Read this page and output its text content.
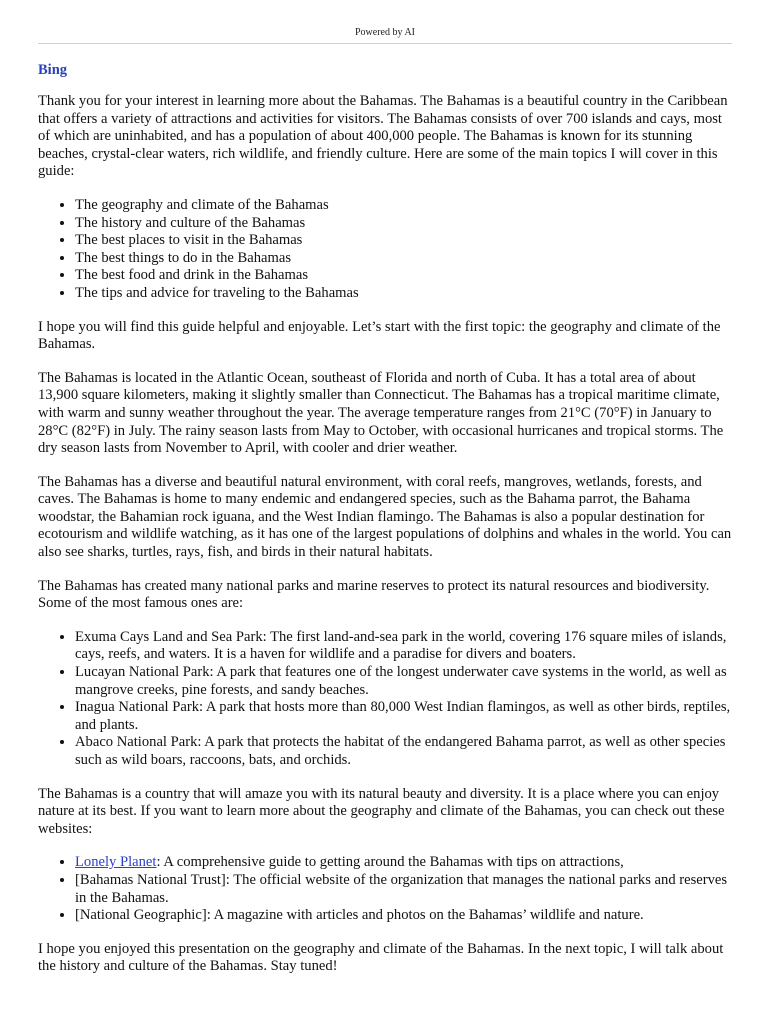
Powered by AI
Bing

Thank you for your interest in learning more about the Bahamas. The Bahamas is a beautiful country in the Caribbean that offers a variety of attractions and activities for visitors. The Bahamas consists of over 700 islands and cays, most of which are uninhabited, and has a population of about 400,000 people. The Bahamas is known for its stunning beaches, crystal-clear waters, rich wildlife, and friendly culture. Here are some of the main topics I will cover in this guide:

• The geography and climate of the Bahamas
• The history and culture of the Bahamas
• The best places to visit in the Bahamas
• The best things to do in the Bahamas
• The best food and drink in the Bahamas
• The tips and advice for traveling to the Bahamas

I hope you will find this guide helpful and enjoyable. Let’s start with the first topic: the geography and climate of the Bahamas.

The Bahamas is located in the Atlantic Ocean, southeast of Florida and north of Cuba. It has a total area of about 13,900 square kilometers, making it slightly smaller than Connecticut. The Bahamas has a tropical maritime climate, with warm and sunny weather throughout the year. The average temperature ranges from 21°C (70°F) in January to 28°C (82°F) in July. The rainy season lasts from May to October, with occasional hurricanes and tropical storms. The dry season lasts from November to April, with cooler and drier weather.

The Bahamas has a diverse and beautiful natural environment, with coral reefs, mangroves, wetlands, forests, and caves. The Bahamas is home to many endemic and endangered species, such as the Bahama parrot, the Bahama woodstar, the Bahamian rock iguana, and the West Indian flamingo. The Bahamas is also a popular destination for ecotourism and wildlife watching, as it has one of the largest populations of dolphins and whales in the world. You can also see sharks, turtles, rays, fish, and birds in their natural habitats.

The Bahamas has created many national parks and marine reserves to protect its natural resources and biodiversity. Some of the most famous ones are:

• Exuma Cays Land and Sea Park: The first land-and-sea park in the world, covering 176 square miles of islands, cays, reefs, and waters. It is a haven for wildlife and a paradise for divers and boaters.
• Lucayan National Park: A park that features one of the longest underwater cave systems in the world, as well as mangrove creeks, pine forests, and sandy beaches.
• Inagua National Park: A park that hosts more than 80,000 West Indian flamingos, as well as other birds, reptiles, and plants.
• Abaco National Park: A park that protects the habitat of the endangered Bahama parrot, as well as other species such as wild boars, raccoons, bats, and orchids.

The Bahamas is a country that will amaze you with its natural beauty and diversity. It is a place where you can enjoy nature at its best. If you want to learn more about the geography and climate of the Bahamas, you can check out these websites:

• Lonely Planet: A comprehensive guide to getting around the Bahamas with tips on attractions,
• [Bahamas National Trust]: The official website of the organization that manages the national parks and reserves in the Bahamas.
• [National Geographic]: A magazine with articles and photos on the Bahamas’ wildlife and nature.

I hope you enjoyed this presentation on the geography and climate of the Bahamas. In the next topic, I will talk about the history and culture of the Bahamas. Stay tuned!
